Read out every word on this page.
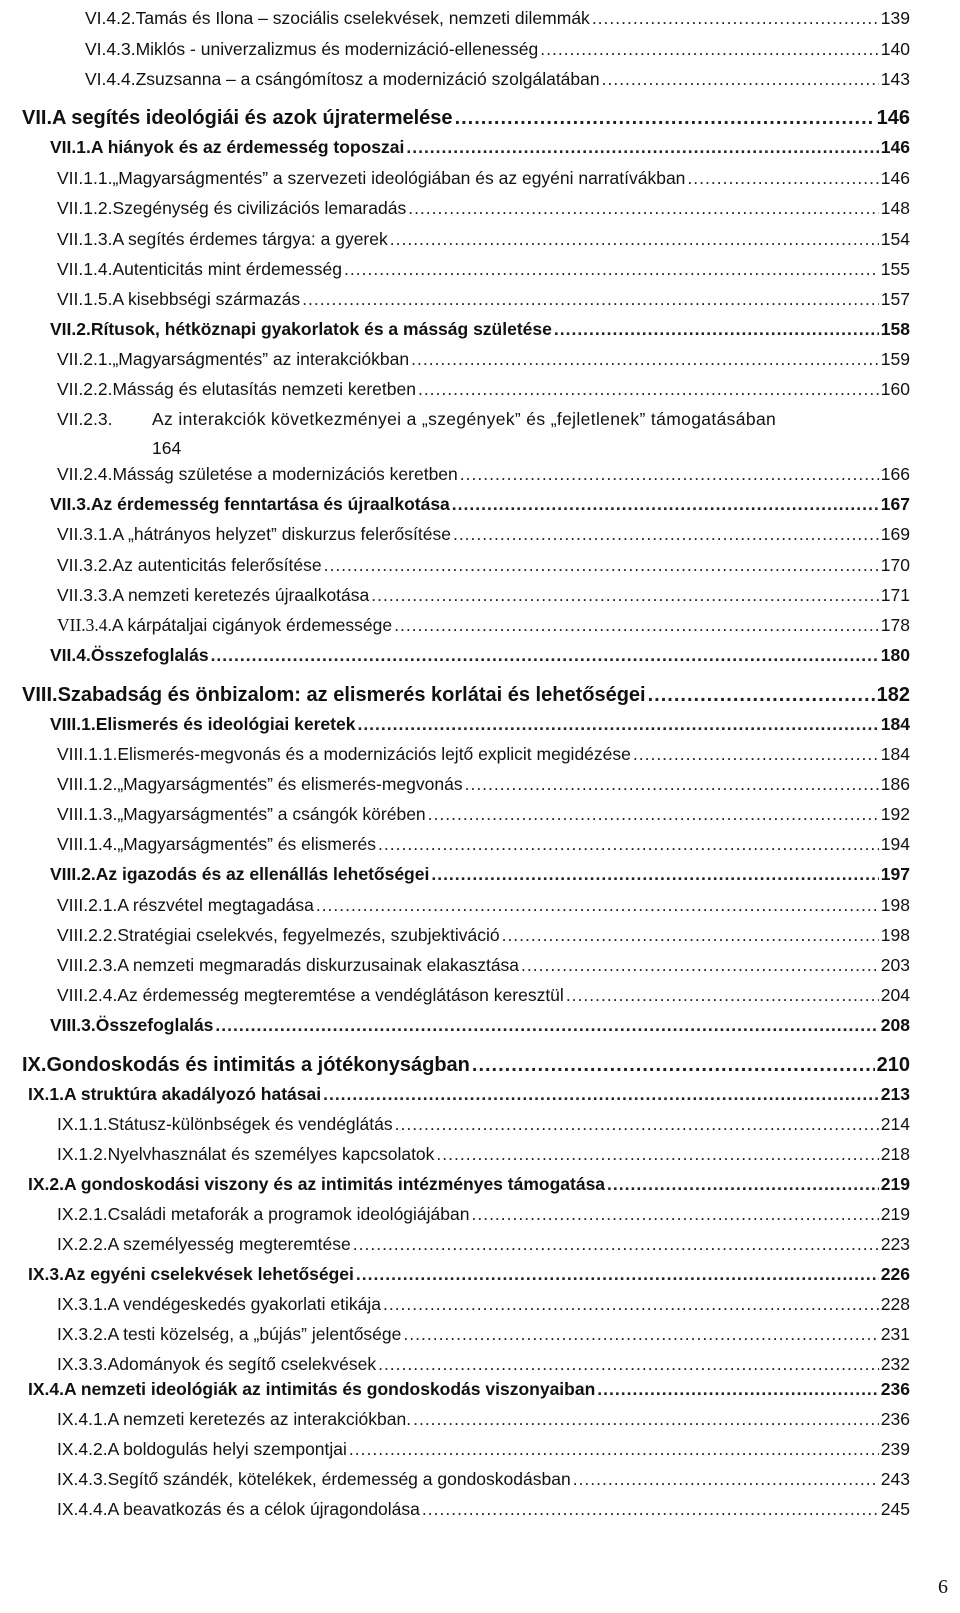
VI.4.2. Tamás és Ilona – szociális cselekvések, nemzeti dilemmák .....	139
VI.4.3. Miklós - univerzalizmus és modernizáció-ellenesség .....	140
VI.4.4. Zsuzsanna – a csángómítosz a modernizáció szolgálatában .....	143
VII. A segítés ideológiái és azok újratermelése .....	146
VII.1. A hiányok és az érdemesség toposzai .....	146
VII.1.1. „Magyarságmentés” a szervezeti ideológiában és az egyéni narratívákban .....	146
VII.1.2. Szegénység és civilizációs lemaradás .....	148
VII.1.3. A segítés érdemes tárgya: a gyerek .....	154
VII.1.4. Autenticitás mint érdemesség .....	155
VII.1.5. A kisebbségi származás .....	157
VII.2. Rítusok, hétköznapi gyakorlatok és a másság születése .....	158
VII.2.1. „Magyarságmentés” az interakciókban .....	159
VII.2.2. Másság és elutasítás nemzeti keretben .....	160
VII.2.3.	Az interakciók következményei a „szegények” és „fejletlenek” támogatásában
164
VII.2.4. Másság születése a modernizációs keretben .....	166
VII.3. Az érdemesség fenntartása és újraalkotása .....	167
VII.3.1. A „hátrányos helyzet” diskurzus felerősítése .....	169
VII.3.2. Az autenticitás felerősítése .....	170
VII.3.3. A nemzeti keretezés újraalkotása .....	171
VII.3.4. A kárpátaljai cigányok érdemessége .....	178
VII.4. Összefoglalás .....	180
VIII. Szabadság és önbizalom: az elismerés korlátai és lehetőségei .....	182
VIII.1. Elismerés és ideológiai keretek .....	184
VIII.1.1. Elismerés-megvonás és a modernizációs lejtő explicit megidézése .....	184
VIII.1.2. „Magyarságmentés” és elismerés-megvonás .....	186
VIII.1.3. „Magyarságmentés” a csángók körében .....	192
VIII.1.4. „Magyarságmentés” és elismerés .....	194
VIII.2. Az igazodás és az ellenállás lehetőségei .....	197
VIII.2.1. A részvétel megtagadása .....	198
VIII.2.2. Stratégiai cselekvés, fegyelmezés, szubjektiváció .....	198
VIII.2.3. A nemzeti megmaradás diskurzusainak elakasztása .....	203
VIII.2.4. Az érdemesség megteremtése a vendéglátáson keresztül .....	204
VIII.3. Összefoglalás .....	208
IX. Gondoskodás és intimitás a jótékonyságban .....	210
IX.1. A struktúra akadályozó hatásai .....	213
IX.1.1. Státusz-különbségek és vendéglátás .....	214
IX.1.2. Nyelvhasználat és személyes kapcsolatok .....	218
IX.2. A gondoskodási viszony és az intimitás intézményes támogatása .....	219
IX.2.1. Családi metaforák a programok ideológiájában .....	219
IX.2.2. A személyesség megteremtése .....	223
IX.3. Az egyéni cselekvések lehetőségei .....	226
IX.3.1. A vendégeskedés gyakorlati etikája .....	228
IX.3.2. A testi közelség, a „bújás” jelentősége .....	231
IX.3.3. Adományok és segítő cselekvések .....	232
IX.4. A nemzeti ideológiák az intimitás és gondoskodás viszonyaiban .....	236
IX.4.1. A nemzeti keretezés az interakciókban. .....	236
IX.4.2. A boldogulás helyi szempontjai .....	239
IX.4.3. Segítő szándék, kötelékek, érdemesség a gondoskodásban .....	243
IX.4.4. A beavatkozás és a célok újragondolása .....	245
6
